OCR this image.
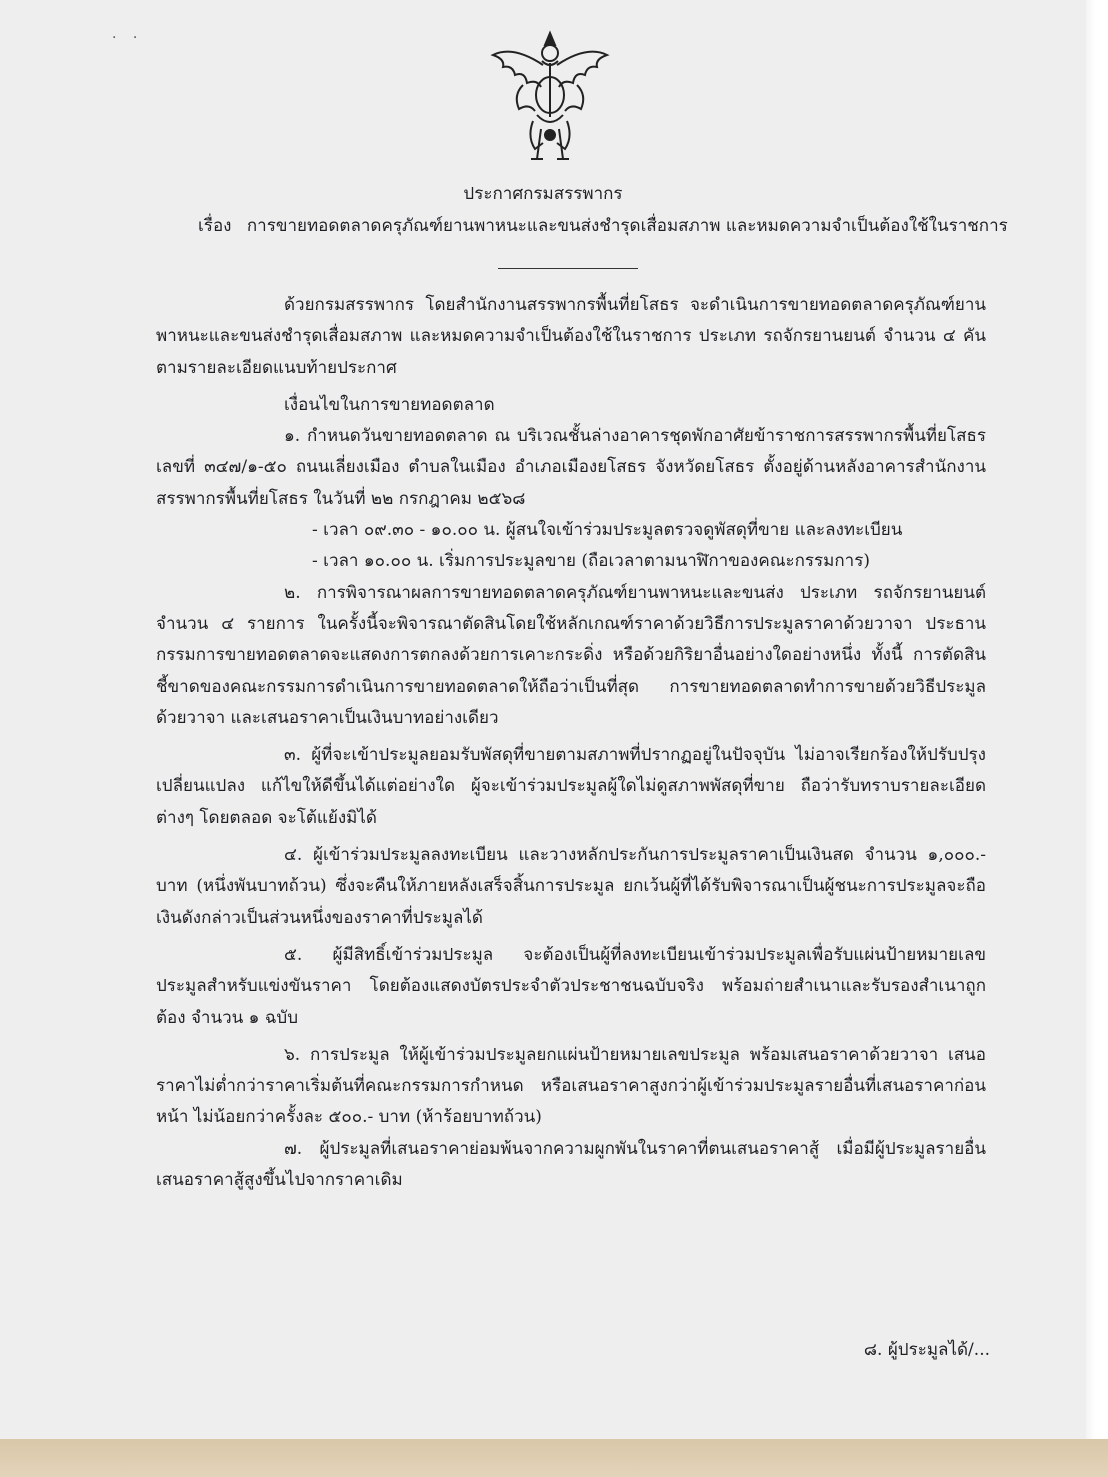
· ·
ประกาศกรมสรรพากร
เรื่อง การขายทอดตลาดครุภัณฑ์ยานพาหนะและขนส่งชำรุดเสื่อมสภาพ และหมดความจำเป็นต้องใช้ในราชการ

ด้วยกรมสรรพากร โดยสำนักงานสรรพากรพื้นที่ยโสธร จะดำเนินการขายทอดตลาดครุภัณฑ์ยานพาหนะและขนส่งชำรุดเสื่อมสภาพ และหมดความจำเป็นต้องใช้ในราชการ ประเภท รถจักรยานยนต์ จำนวน ๔ คัน ตามรายละเอียดแนบท้ายประกาศ

เงื่อนไขในการขายทอดตลาด

๑. กำหนดวันขายทอดตลาด ณ บริเวณชั้นล่างอาคารชุดพักอาศัยข้าราชการสรรพากรพื้นที่ยโสธร เลขที่ ๓๔๗/๑-๕๐ ถนนเลี่ยงเมือง ตำบลในเมือง อำเภอเมืองยโสธร จังหวัดยโสธร ตั้งอยู่ด้านหลังอาคารสำนักงานสรรพากรพื้นที่ยโสธร ในวันที่ ๒๒ กรกฎาคม ๒๕๖๘

- เวลา ๐๙.๓๐ - ๑๐.๐๐ น. ผู้สนใจเข้าร่วมประมูลตรวจดูพัสดุที่ขาย และลงทะเบียน

- เวลา ๑๐.๐๐ น. เริ่มการประมูลขาย (ถือเวลาตามนาฬิกาของคณะกรรมการ)

๒. การพิจารณาผลการขายทอดตลาดครุภัณฑ์ยานพาหนะและขนส่ง ประเภท รถจักรยานยนต์ จำนวน ๔ รายการ ในครั้งนี้จะพิจารณาตัดสินโดยใช้หลักเกณฑ์ราคาด้วยวิธีการประมูลราคาด้วยวาจา ประธานกรรมการขายทอดตลาดจะแสดงการตกลงด้วยการเคาะกระดิ่ง หรือด้วยกิริยาอื่นอย่างใดอย่างหนึ่ง ทั้งนี้ การตัดสินชี้ขาดของคณะกรรมการดำเนินการขายทอดตลาดให้ถือว่าเป็นที่สุด การขายทอดตลาดทำการขายด้วยวิธีประมูลด้วยวาจา และเสนอราคาเป็นเงินบาทอย่างเดียว

๓. ผู้ที่จะเข้าประมูลยอมรับพัสดุที่ขายตามสภาพที่ปรากฏอยู่ในปัจจุบัน ไม่อาจเรียกร้องให้ปรับปรุงเปลี่ยนแปลง แก้ไขให้ดีขึ้นได้แต่อย่างใด ผู้จะเข้าร่วมประมูลผู้ใดไม่ดูสภาพพัสดุที่ขาย ถือว่ารับทราบรายละเอียดต่างๆ โดยตลอด จะโต้แย้งมิได้

๔. ผู้เข้าร่วมประมูลลงทะเบียน และวางหลักประกันการประมูลราคาเป็นเงินสด จำนวน ๑,๐๐๐.- บาท (หนึ่งพันบาทถ้วน) ซึ่งจะคืนให้ภายหลังเสร็จสิ้นการประมูล ยกเว้นผู้ที่ได้รับพิจารณาเป็นผู้ชนะการประมูลจะถือเงินดังกล่าวเป็นส่วนหนึ่งของราคาที่ประมูลได้

๕. ผู้มีสิทธิ์เข้าร่วมประมูล จะต้องเป็นผู้ที่ลงทะเบียนเข้าร่วมประมูลเพื่อรับแผ่นป้ายหมายเลขประมูลสำหรับแข่งขันราคา โดยต้องแสดงบัตรประจำตัวประชาชนฉบับจริง พร้อมถ่ายสำเนาและรับรองสำเนาถูกต้อง จำนวน ๑ ฉบับ

๖. การประมูล ให้ผู้เข้าร่วมประมูลยกแผ่นป้ายหมายเลขประมูล พร้อมเสนอราคาด้วยวาจา เสนอราคาไม่ต่ำกว่าราคาเริ่มต้นที่คณะกรรมการกำหนด หรือเสนอราคาสูงกว่าผู้เข้าร่วมประมูลรายอื่นที่เสนอราคาก่อนหน้า ไม่น้อยกว่าครั้งละ ๕๐๐.- บาท (ห้าร้อยบาทถ้วน)

๗. ผู้ประมูลที่เสนอราคาย่อมพ้นจากความผูกพันในราคาที่ตนเสนอราคาสู้ เมื่อมีผู้ประมูลรายอื่นเสนอราคาสู้สูงขึ้นไปจากราคาเดิม

๘. ผู้ประมูลได้/...
